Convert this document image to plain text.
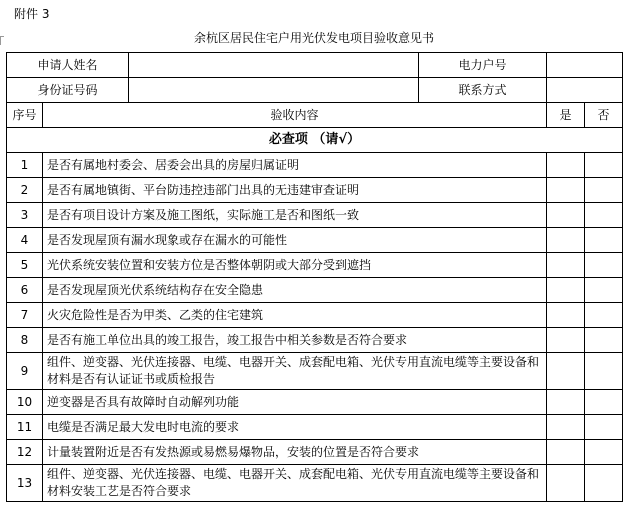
附件 3
余杭区居民住宅户用光伏发电项目验收意见书
申请人姓名			电力户号		
身份证号码			联系方式		
序号	验收内容			是	否
必查项 （请√）					
1	是否有属地村委会、居委会出具的房屋归属证明				
2	是否有属地镇街、平台防违控违部门出具的无违建审查证明				
3	是否有项目设计方案及施工图纸，实际施工是否和图纸一致				
4	是否发现屋顶有漏水现象或存在漏水的可能性				
5	光伏系统安装位置和安装方位是否整体朝阴或大部分受到遮挡				
6	是否发现屋顶光伏系统结构存在安全隐患				
7	火灾危险性是否为甲类、乙类的住宅建筑				
8	是否有施工单位出具的竣工报告，竣工报告中相关参数是否符合要求				
9	组件、逆变器、光伏连接器、电缆、电器开关、成套配电箱、光伏专用直流电缆等主要设备和材料是否有认证证书或质检报告				
10	逆变器是否具有故障时自动解列功能				
11	电缆是否满足最大发电时电流的要求				
12	计量装置附近是否有发热源或易燃易爆物品，安装的位置是否符合要求				
13	组件、逆变器、光伏连接器、电缆、电器开关、成套配电箱、光伏专用直流电缆等主要设备和材料安装工艺是否符合要求				
